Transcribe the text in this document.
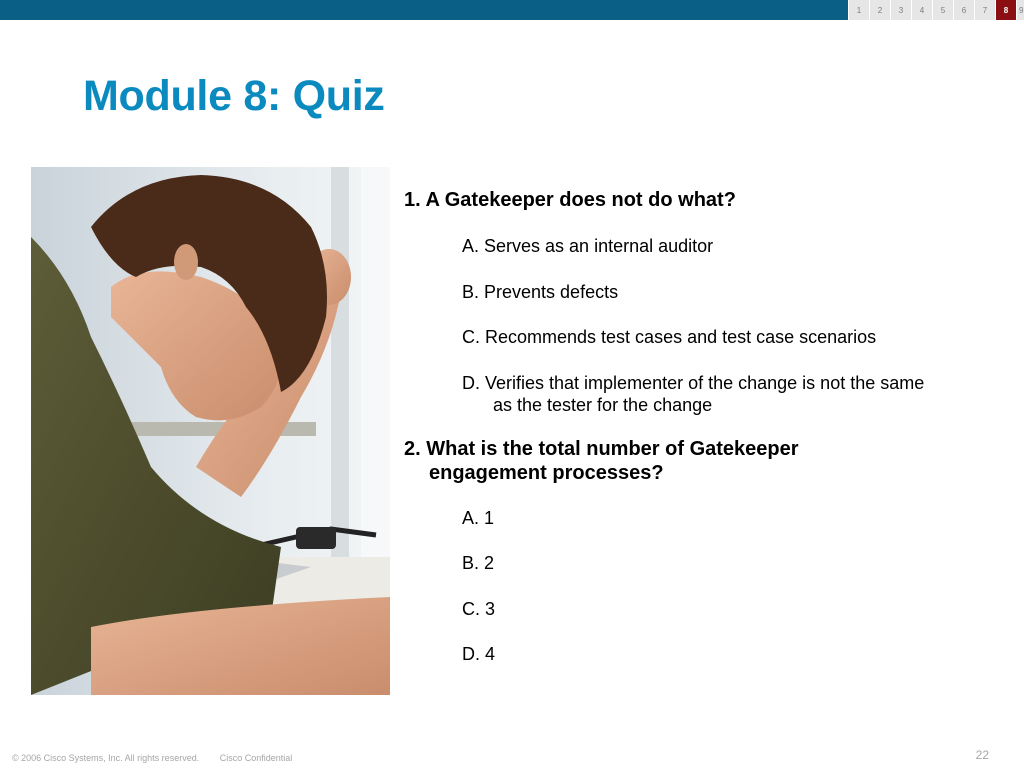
1	2	3	4	5	6	7	8	9
Module 8: Quiz
1. A Gatekeeper does not do what?
A. Serves as an internal auditor
B. Prevents defects
C. Recommends test cases and test case scenarios
D. Verifies that implementer of the change is not the same as the tester for the change
2. What is the total number of Gatekeeper engagement processes?
A. 1
B. 2
C. 3
D. 4
© 2006 Cisco Systems, Inc. All rights reserved. Cisco Confidential	22
